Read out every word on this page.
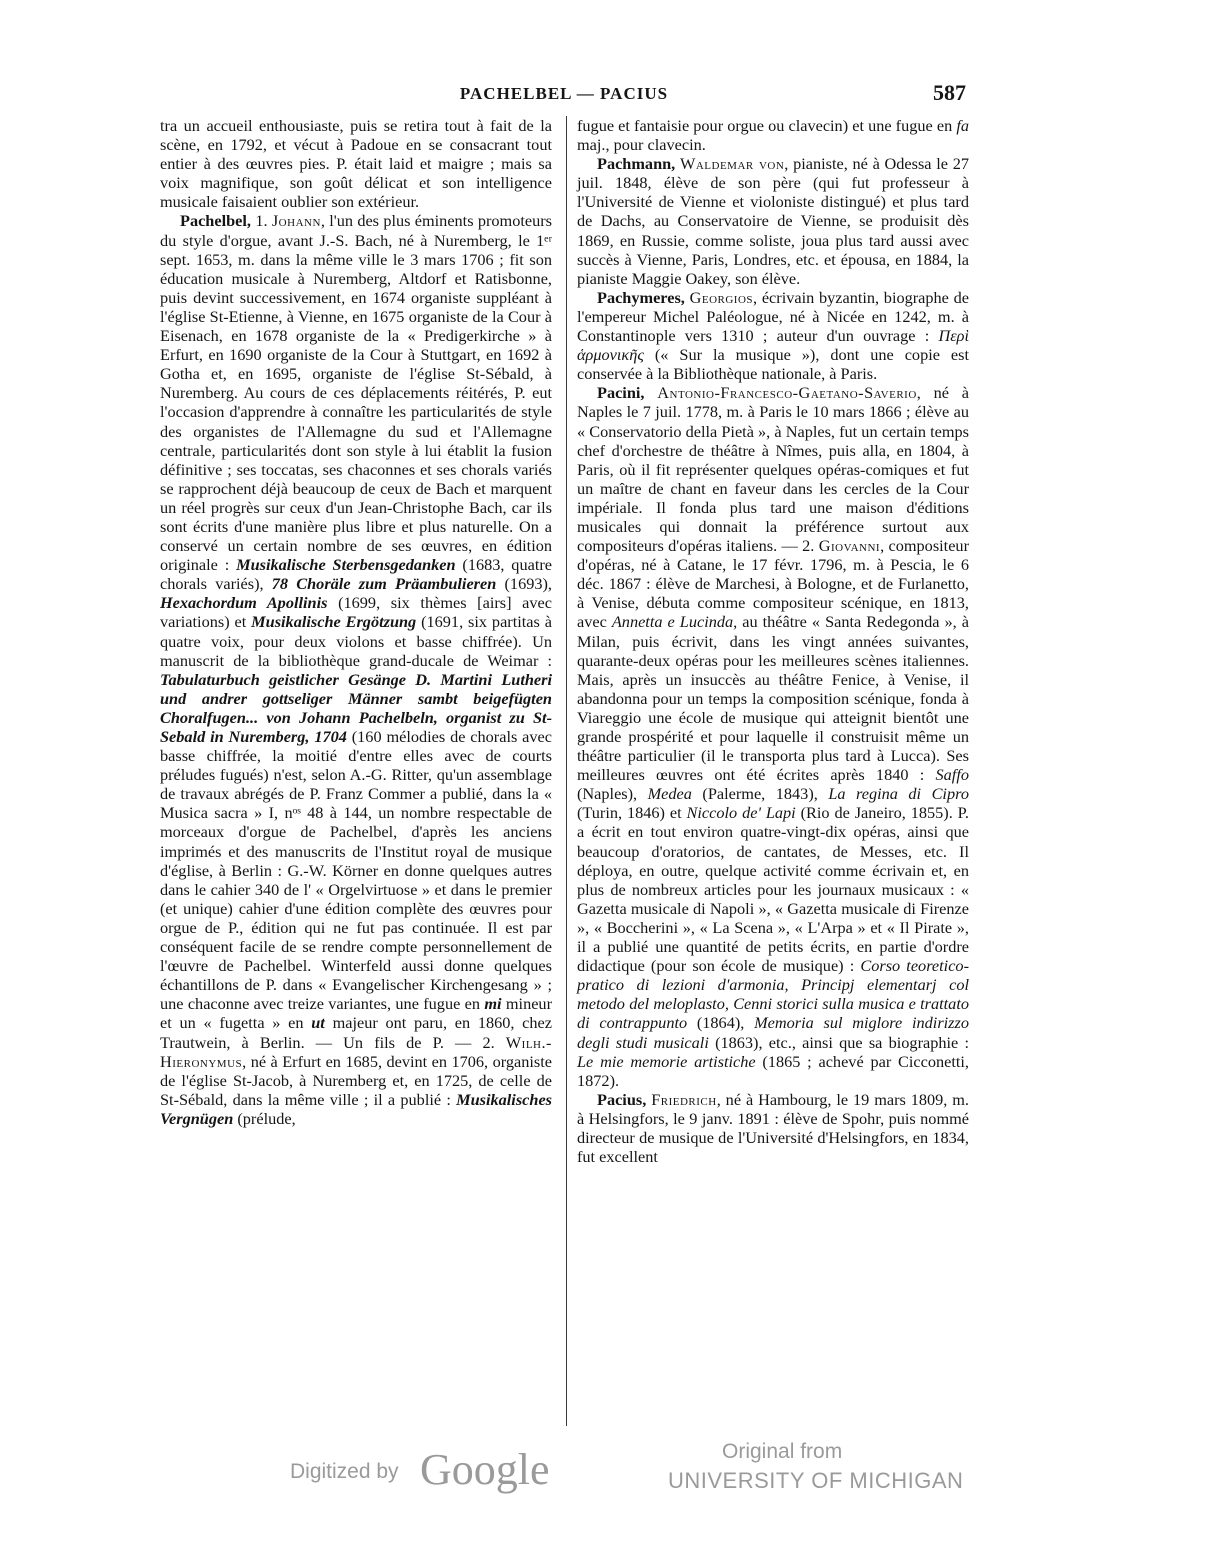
PACHELBEL — PACIUS	587

tra un accueil enthousiaste, puis se retira tout à fait de la scène, en 1792, et vécut à Padoue en se consacrant tout entier à des œuvres pies. P. était laid et maigre ; mais sa voix magnifique, son goût délicat et son intelligence musicale faisaient oublier son extérieur.

Pachelbel, 1. Johann, l'un des plus éminents promoteurs du style d'orgue, avant J.-S. Bach, né à Nuremberg, le 1ᵉʳ sept. 1653, m. dans la même ville le 3 mars 1706 ; fit son éducation musicale à Nuremberg, Altdorf et Ratisbonne, puis devint successivement, en 1674 organiste suppléant à l'église St-Etienne, à Vienne, en 1675 organiste de la Cour à Eisenach, en 1678 organiste de la « Predigerkirche » à Erfurt, en 1690 organiste de la Cour à Stuttgart, en 1692 à Gotha et, en 1695, organiste de l'église St-Sébald, à Nuremberg. Au cours de ces déplacements réitérés, P. eut l'occasion d'apprendre à connaître les particularités de style des organistes de l'Allemagne du sud et l'Allemagne centrale, particularités dont son style à lui établit la fusion définitive ; ses toccatas, ses chaconnes et ses chorals variés se rapprochent déjà beaucoup de ceux de Bach et marquent un réel progrès sur ceux d'un Jean-Christophe Bach, car ils sont écrits d'une manière plus libre et plus naturelle. On a conservé un certain nombre de ses œuvres, en édition originale : Musikalische Sterbensgedanken (1683, quatre chorals variés), 78 Choräle zum Präambulieren (1693), Hexachordum Apollinis (1699, six thèmes [airs] avec variations) et Musikalische Ergötzung (1691, six partitas à quatre voix, pour deux violons et basse chiffrée). Un manuscrit de la bibliothèque grand-ducale de Weimar : Tabulaturbuch geistlicher Gesänge D. Martini Lutheri und andrer gottseliger Männer sambt beigefügten Choralfugen... von Johann Pachelbeln, organist zu St-Sebald in Nuremberg, 1704 (160 mélodies de chorals avec basse chiffrée, la moitié d'entre elles avec de courts préludes fugués) n'est, selon A.-G. Ritter, qu'un assemblage de travaux abrégés de P. Franz Commer a publié, dans la « Musica sacra » I, nᵒˢ 48 à 144, un nombre respectable de morceaux d'orgue de Pachelbel, d'après les anciens imprimés et des manuscrits de l'Institut royal de musique d'église, à Berlin : G.-W. Körner en donne quelques autres dans le cahier 340 de l' « Orgelvirtuose » et dans le premier (et unique) cahier d'une édition complète des œuvres pour orgue de P., édition qui ne fut pas continuée. Il est par conséquent facile de se rendre compte personnellement de l'œuvre de Pachelbel. Winterfeld aussi donne quelques échantillons de P. dans « Evangelischer Kirchengesang » ; une chaconne avec treize variantes, une fugue en mi mineur et un « fugetta » en ut majeur ont paru, en 1860, chez Trautwein, à Berlin. — Un fils de P. — 2. Wilh.-Hieronymus, né à Erfurt en 1685, devint en 1706, organiste de l'église St-Jacob, à Nuremberg et, en 1725, de celle de St-Sébald, dans la même ville ; il a publié : Musikalisches Vergnügen (prélude,

fugue et fantaisie pour orgue ou clavecin) et une fugue en fa maj., pour clavecin.

Pachmann, Waldemar von, pianiste, né à Odessa le 27 juil. 1848, élève de son père (qui fut professeur à l'Université de Vienne et violoniste distingué) et plus tard de Dachs, au Conservatoire de Vienne, se produisit dès 1869, en Russie, comme soliste, joua plus tard aussi avec succès à Vienne, Paris, Londres, etc. et épousa, en 1884, la pianiste Maggie Oakey, son élève.

Pachymeres, Georgios, écrivain byzantin, biographe de l'empereur Michel Paléologue, né à Nicée en 1242, m. à Constantinople vers 1310 ; auteur d'un ouvrage : Περὶ ἁρμονικῆς (« Sur la musique »), dont une copie est conservée à la Bibliothèque nationale, à Paris.

Pacini, Antonio-Francesco-Gaetano-Saverio, né à Naples le 7 juil. 1778, m. à Paris le 10 mars 1866 ; élève au « Conservatorio della Pietà », à Naples, fut un certain temps chef d'orchestre de théâtre à Nîmes, puis alla, en 1804, à Paris, où il fit représenter quelques opéras-comiques et fut un maître de chant en faveur dans les cercles de la Cour impériale. Il fonda plus tard une maison d'éditions musicales qui donnait la préférence surtout aux compositeurs d'opéras italiens. — 2. Giovanni, compositeur d'opéras, né à Catane, le 17 févr. 1796, m. à Pescia, le 6 déc. 1867 : élève de Marchesi, à Bologne, et de Furlanetto, à Venise, débuta comme compositeur scénique, en 1813, avec Annetta e Lucinda, au théâtre « Santa Redegonda », à Milan, puis écrivit, dans les vingt années suivantes, quarante-deux opéras pour les meilleures scènes italiennes. Mais, après un insuccès au théâtre Fenice, à Venise, il abandonna pour un temps la composition scénique, fonda à Viareggio une école de musique qui atteignit bientôt une grande prospérité et pour laquelle il construisit même un théâtre particulier (il le transporta plus tard à Lucca). Ses meilleures œuvres ont été écrites après 1840 : Saffo (Naples), Medea (Palerme, 1843), La regina di Cipro (Turin, 1846) et Niccolo de' Lapi (Rio de Janeiro, 1855). P. a écrit en tout environ quatre-vingt-dix opéras, ainsi que beaucoup d'oratorios, de cantates, de Messes, etc. Il déploya, en outre, quelque activité comme écrivain et, en plus de nombreux articles pour les journaux musicaux : « Gazetta musicale di Napoli », « Gazetta musicale di Firenze », « Boccherini », « La Scena », « L'Arpa » et « Il Pirate », il a publié une quantité de petits écrits, en partie d'ordre didactique (pour son école de musique) : Corso teoretico-pratico di lezioni d'armonia, Principj elementarj col metodo del meloplasto, Cenni storici sulla musica e trattato di contrappunto (1864), Memoria sul miglore indirizzo degli studi musicali (1863), etc., ainsi que sa biographie : Le mie memorie artistiche (1865 ; achevé par Cicconetti, 1872).

Pacius, Friedrich, né à Hambourg, le 19 mars 1809, m. à Helsingfors, le 9 janv. 1891 : élève de Spohr, puis nommé directeur de musique de l'Université d'Helsingfors, en 1834, fut excellent

Digitized by Google	Original from
UNIVERSITY OF MICHIGAN
